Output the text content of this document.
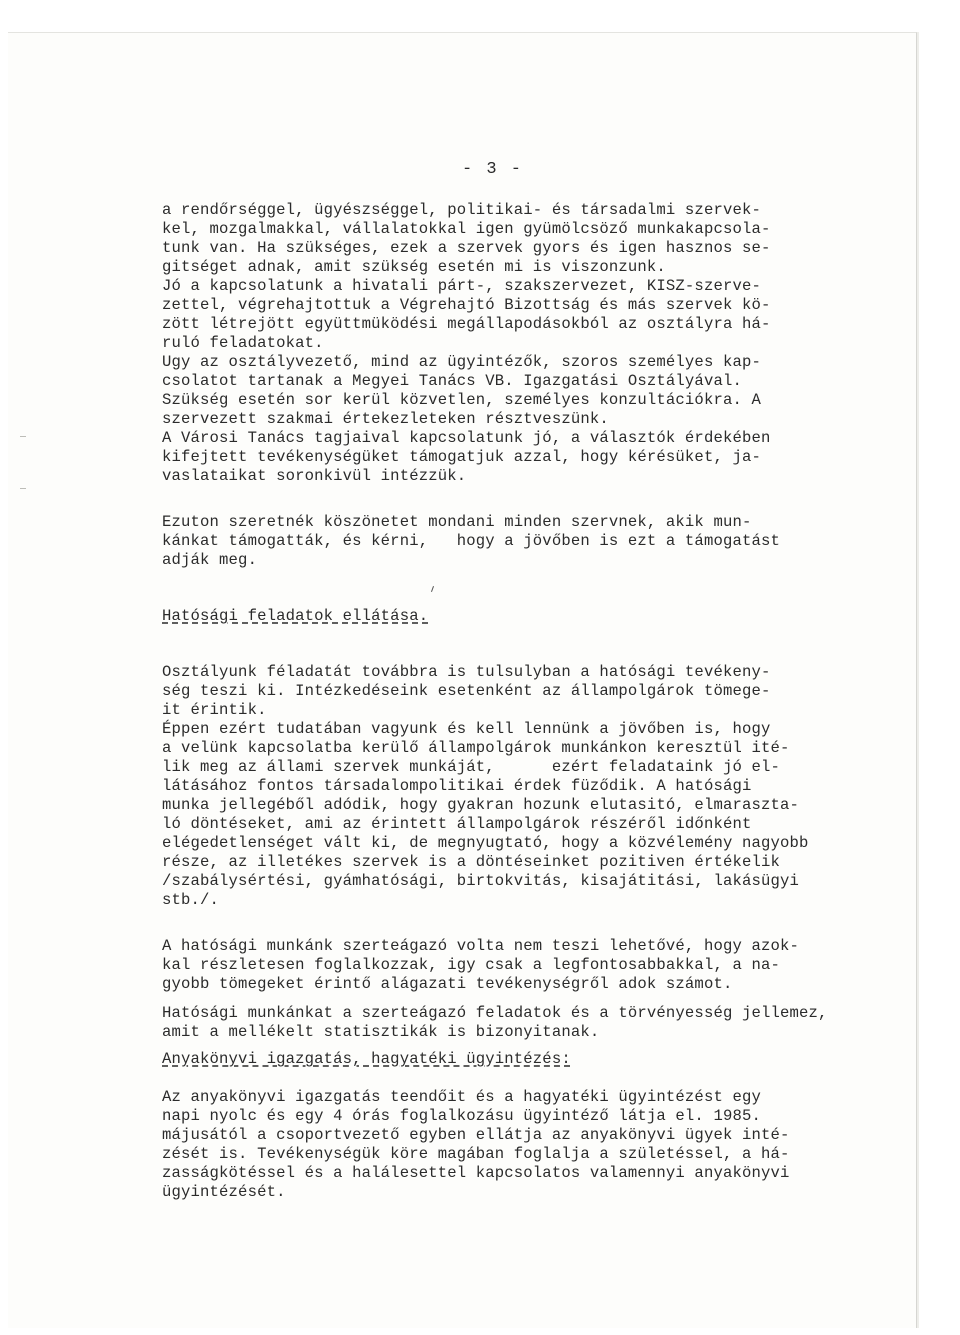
- 3 -
a rendőrséggel, ügyészséggel, politikai- és társadalmi szervek-
kel, mozgalmakkal, vállalatokkal igen gyümölcsöző munkakapcsola-
tunk van. Ha szükséges, ezek a szervek gyors és igen hasznos se-
gitséget adnak, amit szükség esetén mi is viszonzunk.
Jó a kapcsolatunk a hivatali párt-, szakszervezet, KISZ-szerve-
zettel, végrehajtottuk a Végrehajtó Bizottság és más szervek kö-
zött létrejött együttmüködési megállapodásokból az osztályra há-
ruló feladatokat.
Ugy az osztályvezető, mind az ügyintézők, szoros személyes kap-
csolatot tartanak a Megyei Tanács VB. Igazgatási Osztályával.
Szükség esetén sor kerül közvetlen, személyes konzultációkra. A
szervezett szakmai értekezleteken résztveszünk.
A Városi Tanács tagjaival kapcsolatunk jó, a választók érdekében
kifejtett tevékenységüket támogatjuk azzal, hogy kérésüket, ja-
vaslataikat soronkivül intézzük.
Ezuton szeretnék köszönetet mondani minden szervnek, akik mun-
kánkat támogatták, és kérni,   hogy a jövőben is ezt a támogatást
adják meg.
Hatósági feladatok ellátása.
Osztályunk féladatát továbbra is tulsulyban a hatósági tevékeny-
ség teszi ki. Intézkedéseink esetenként az állampolgárok tömege-
it érintik.
Éppen ezért tudatában vagyunk és kell lennünk a jövőben is, hogy
a velünk kapcsolatba kerülő állampolgárok munkánkon keresztül ité-
lik meg az állami szervek munkáját,      ezért feladataink jó el-
látásához fontos társadalompolitikai érdek füződik. A hatósági
munka jellegéből adódik, hogy gyakran hozunk elutasitó, elmarasztа-
ló döntéseket, ami az érintett állampolgárok részéről időnként
elégedetlenséget vált ki, de megnyugtató, hogy a közvélemény nagyobb
része, az illetékes szervek is a döntéseinket pozitiven értékelik
/szabálysértési, gyámhatósági, birtokvitás, kisajátitási, lakásügyi
stb./.
A hatósági munkánk szerteágazó volta nem teszi lehetővé, hogy azok-
kal részletesen foglalkozzak, igy csak a legfontosabbakkal, a na-
gyobb tömegeket érintő alágazati tevékenységről adok számot.
Hatósági munkánkat a szerteágazó feladatok és a törvényesség jellemez,
amit a mellékelt statisztikák is bizonyitanak.
Anyakönyvi igazgatás, hagyatéki ügyintézés:
Az anyakönyvi igazgatás teendőit és a hagyatéki ügyintézést egy
napi nyolc és egy 4 órás foglalkozásu ügyintéző látja el. 1985.
májusától a csoportvezető egyben ellátja az anyakönyvi ügyek inté-
zését is. Tevékenységük köre magában foglalja a születéssel, a há-
zasságkötéssel és a halálesettel kapcsolatos valamennyi anyakönyvi
ügyintézését.
